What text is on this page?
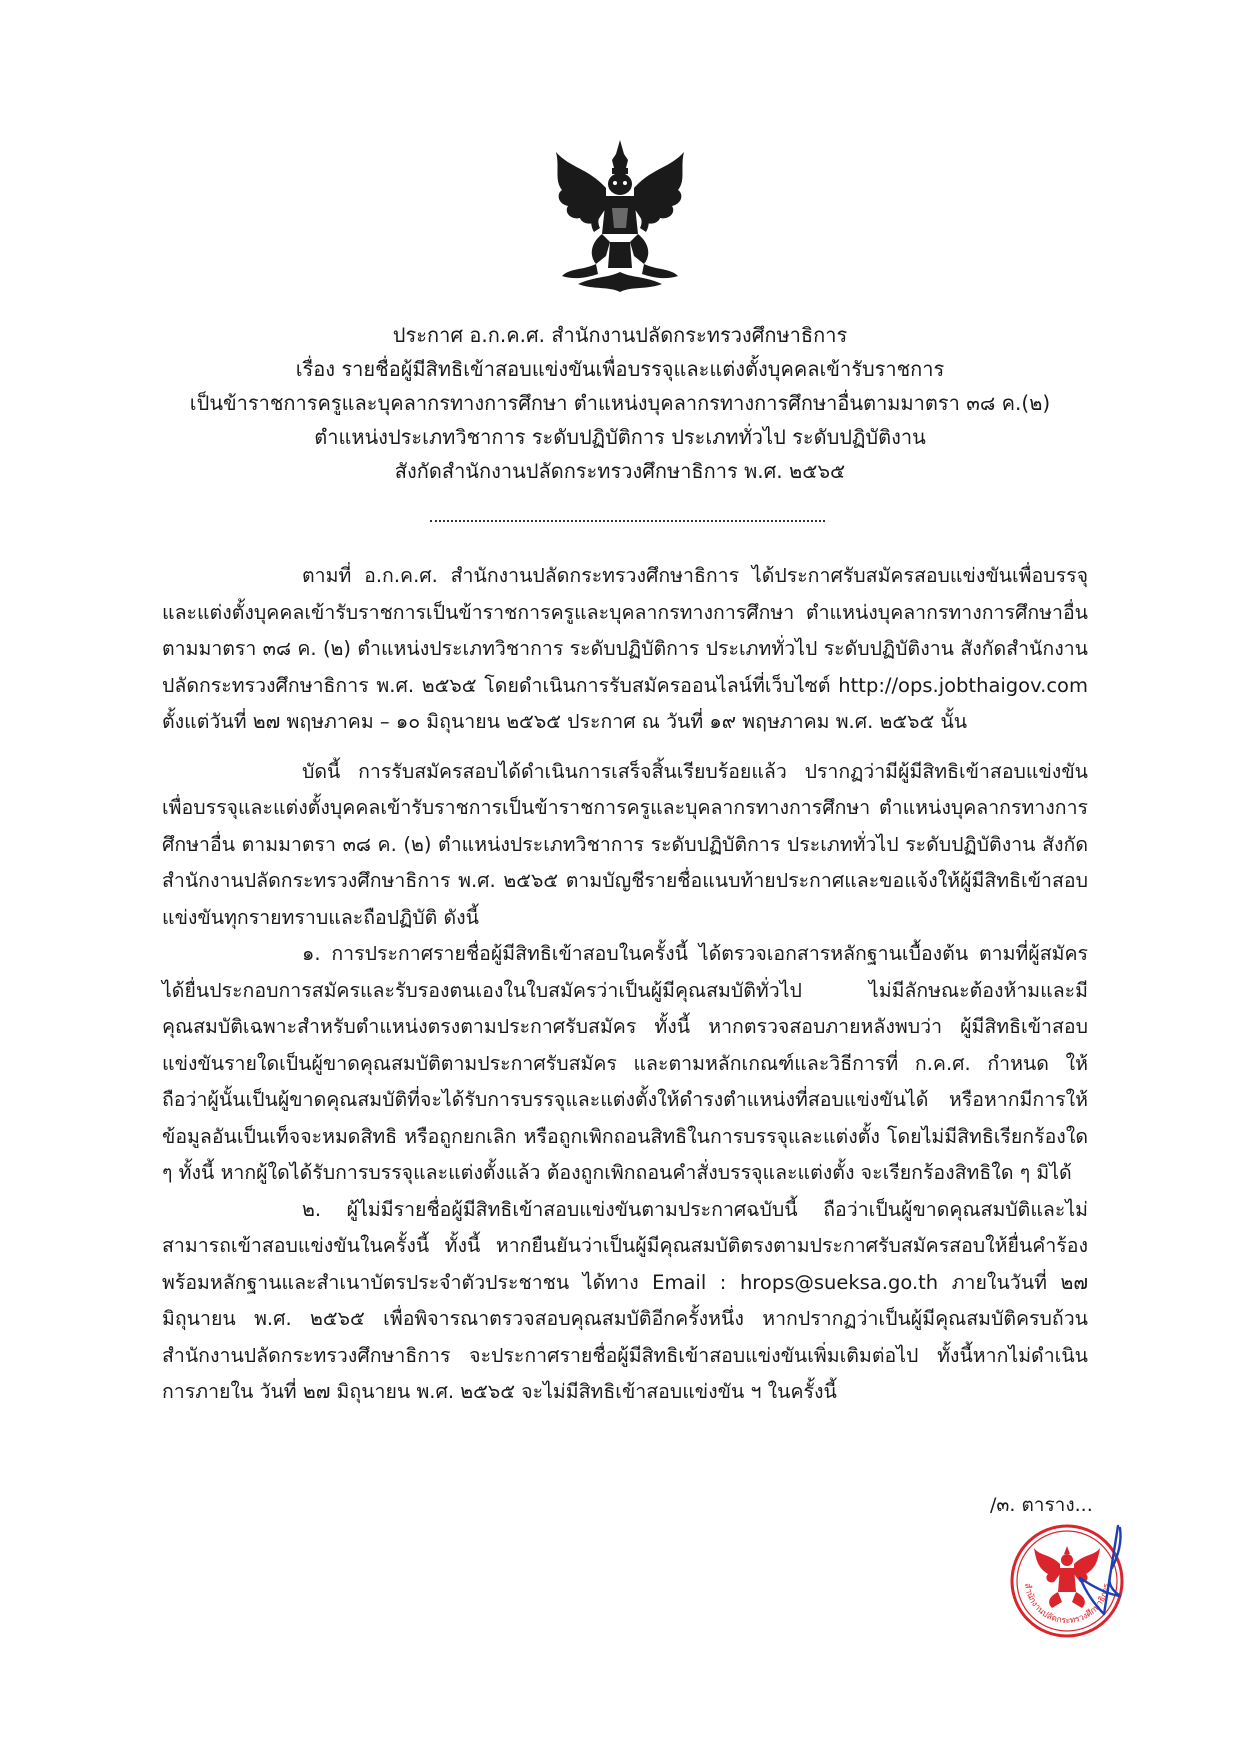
ประกาศ อ.ก.ค.ศ. สำนักงานปลัดกระทรวงศึกษาธิการ
เรื่อง รายชื่อผู้มีสิทธิเข้าสอบแข่งขันเพื่อบรรจุและแต่งตั้งบุคคลเข้ารับราชการ
เป็นข้าราชการครูและบุคลากรทางการศึกษา ตำแหน่งบุคลากรทางการศึกษาอื่นตามมาตรา ๓๘ ค.(๒)
ตำแหน่งประเภทวิชาการ ระดับปฏิบัติการ ประเภททั่วไป ระดับปฏิบัติงาน
สังกัดสำนักงานปลัดกระทรวงศึกษาธิการ พ.ศ. ๒๕๖๕

ตามที่ อ.ก.ค.ศ. สำนักงานปลัดกระทรวงศึกษาธิการ ได้ประกาศรับสมัครสอบแข่งขันเพื่อบรรจุและแต่งตั้งบุคคลเข้ารับราชการเป็นข้าราชการครูและบุคลากรทางการศึกษา ตำแหน่งบุคลากรทางการศึกษาอื่นตามมาตรา ๓๘ ค. (๒) ตำแหน่งประเภทวิชาการ ระดับปฏิบัติการ ประเภททั่วไป ระดับปฏิบัติงาน สังกัดสำนักงานปลัดกระทรวงศึกษาธิการ พ.ศ. ๒๕๖๕ โดยดำเนินการรับสมัครออนไลน์ที่เว็บไซต์ http://ops.jobthaigov.com ตั้งแต่วันที่ ๒๗ พฤษภาคม – ๑๐ มิถุนายน ๒๕๖๕ ประกาศ ณ วันที่ ๑๙ พฤษภาคม พ.ศ. ๒๕๖๕ นั้น

บัดนี้ การรับสมัครสอบได้ดำเนินการเสร็จสิ้นเรียบร้อยแล้ว ปรากฏว่ามีผู้มีสิทธิเข้าสอบแข่งขันเพื่อบรรจุและแต่งตั้งบุคคลเข้ารับราชการเป็นข้าราชการครูและบุคลากรทางการศึกษา ตำแหน่งบุคลากรทางการศึกษาอื่น ตามมาตรา ๓๘ ค. (๒) ตำแหน่งประเภทวิชาการ ระดับปฏิบัติการ ประเภททั่วไป ระดับปฏิบัติงาน สังกัดสำนักงานปลัดกระทรวงศึกษาธิการ พ.ศ. ๒๕๖๕ ตามบัญชีรายชื่อแนบท้ายประกาศและขอแจ้งให้ผู้มีสิทธิเข้าสอบแข่งขันทุกรายทราบและถือปฏิบัติ ดังนี้

๑. การประกาศรายชื่อผู้มีสิทธิเข้าสอบในครั้งนี้ ได้ตรวจเอกสารหลักฐานเบื้องต้น ตามที่ผู้สมัครได้ยื่นประกอบการสมัครและรับรองตนเองในใบสมัครว่าเป็นผู้มีคุณสมบัติทั่วไป ไม่มีลักษณะต้องห้ามและมีคุณสมบัติเฉพาะสำหรับตำแหน่งตรงตามประกาศรับสมัคร ทั้งนี้ หากตรวจสอบภายหลังพบว่า ผู้มีสิทธิเข้าสอบแข่งขันรายใดเป็นผู้ขาดคุณสมบัติตามประกาศรับสมัคร และตามหลักเกณฑ์และวิธีการที่ ก.ค.ศ. กำหนด ให้ถือว่าผู้นั้นเป็นผู้ขาดคุณสมบัติที่จะได้รับการบรรจุและแต่งตั้งให้ดำรงตำแหน่งที่สอบแข่งขันได้ หรือหากมีการให้ข้อมูลอันเป็นเท็จจะหมดสิทธิ หรือถูกยกเลิก หรือถูกเพิกถอนสิทธิในการบรรจุและแต่งตั้ง โดยไม่มีสิทธิเรียกร้องใด ๆ ทั้งนี้ หากผู้ใดได้รับการบรรจุและแต่งตั้งแล้ว ต้องถูกเพิกถอนคำสั่งบรรจุและแต่งตั้ง จะเรียกร้องสิทธิใด ๆ มิได้

๒. ผู้ไม่มีรายชื่อผู้มีสิทธิเข้าสอบแข่งขันตามประกาศฉบับนี้ ถือว่าเป็นผู้ขาดคุณสมบัติและไม่สามารถเข้าสอบแข่งขันในครั้งนี้ ทั้งนี้ หากยืนยันว่าเป็นผู้มีคุณสมบัติตรงตามประกาศรับสมัครสอบให้ยื่นคำร้องพร้อมหลักฐานและสำเนาบัตรประจำตัวประชาชน ได้ทาง Email : hrops@sueksa.go.th ภายในวันที่ ๒๗ มิถุนายน พ.ศ. ๒๕๖๕ เพื่อพิจารณาตรวจสอบคุณสมบัติอีกครั้งหนึ่ง หากปรากฏว่าเป็นผู้มีคุณสมบัติครบถ้วน สำนักงานปลัดกระทรวงศึกษาธิการ จะประกาศรายชื่อผู้มีสิทธิเข้าสอบแข่งขันเพิ่มเติมต่อไป ทั้งนี้หากไม่ดำเนินการภายใน วันที่ ๒๗ มิถุนายน พ.ศ. ๒๕๖๕ จะไม่มีสิทธิเข้าสอบแข่งขัน ฯ ในครั้งนี้

/๓. ตาราง...
สำนักงานปลัดกระทรวงศึกษาธิการ
